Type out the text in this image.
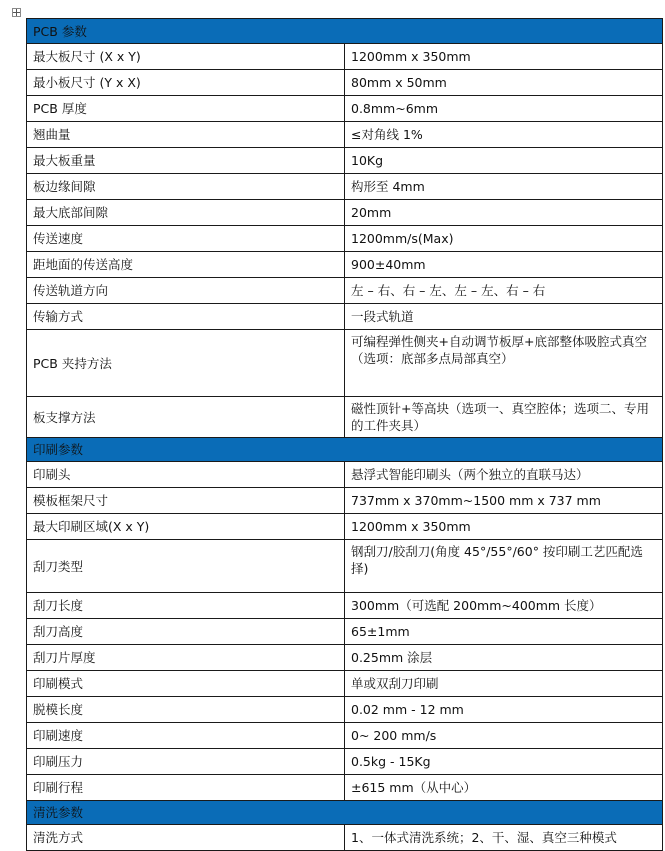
PCB 参数	
最大板尺寸 (X x Y)	1200mm x 350mm
最小板尺寸 (Y x X)	80mm x 50mm
PCB 厚度	0.8mm~6mm
翘曲量	≤对角线 1%
最大板重量	10Kg
板边缘间隙	构形至 4mm
最大底部间隙	20mm
传送速度	1200mm/s(Max)
距地面的传送高度	900±40mm
传送轨道方向	左 – 右、右 – 左、左 – 左、右 – 右
传输方式	一段式轨道
PCB 夹持方法	可编程弹性侧夹+自动调节板厚+底部整体吸腔式真空（选项：底部多点局部真空）
板支撑方法	磁性顶针+等高块（选项一、真空腔体；选项二、专用的工件夹具）
印刷参数	
印刷头	悬浮式智能印刷头（两个独立的直联马达）
模板框架尺寸	737mm x 370mm~1500 mm x 737 mm
最大印刷区域(X x Y)	1200mm x 350mm
刮刀类型	钢刮刀/胶刮刀(角度 45°/55°/60° 按印刷工艺匹配选择)
刮刀长度	300mm（可选配 200mm~400mm 长度）
刮刀高度	65±1mm
刮刀片厚度	0.25mm 涂层
印刷模式	单或双刮刀印刷
脱模长度	0.02 mm - 12 mm
印刷速度	0~ 200 mm/s
印刷压力	0.5kg - 15Kg
印刷行程	±615 mm（从中心）
清洗参数	
清洗方式	1、一体式清洗系统；2、干、湿、真空三种模式
